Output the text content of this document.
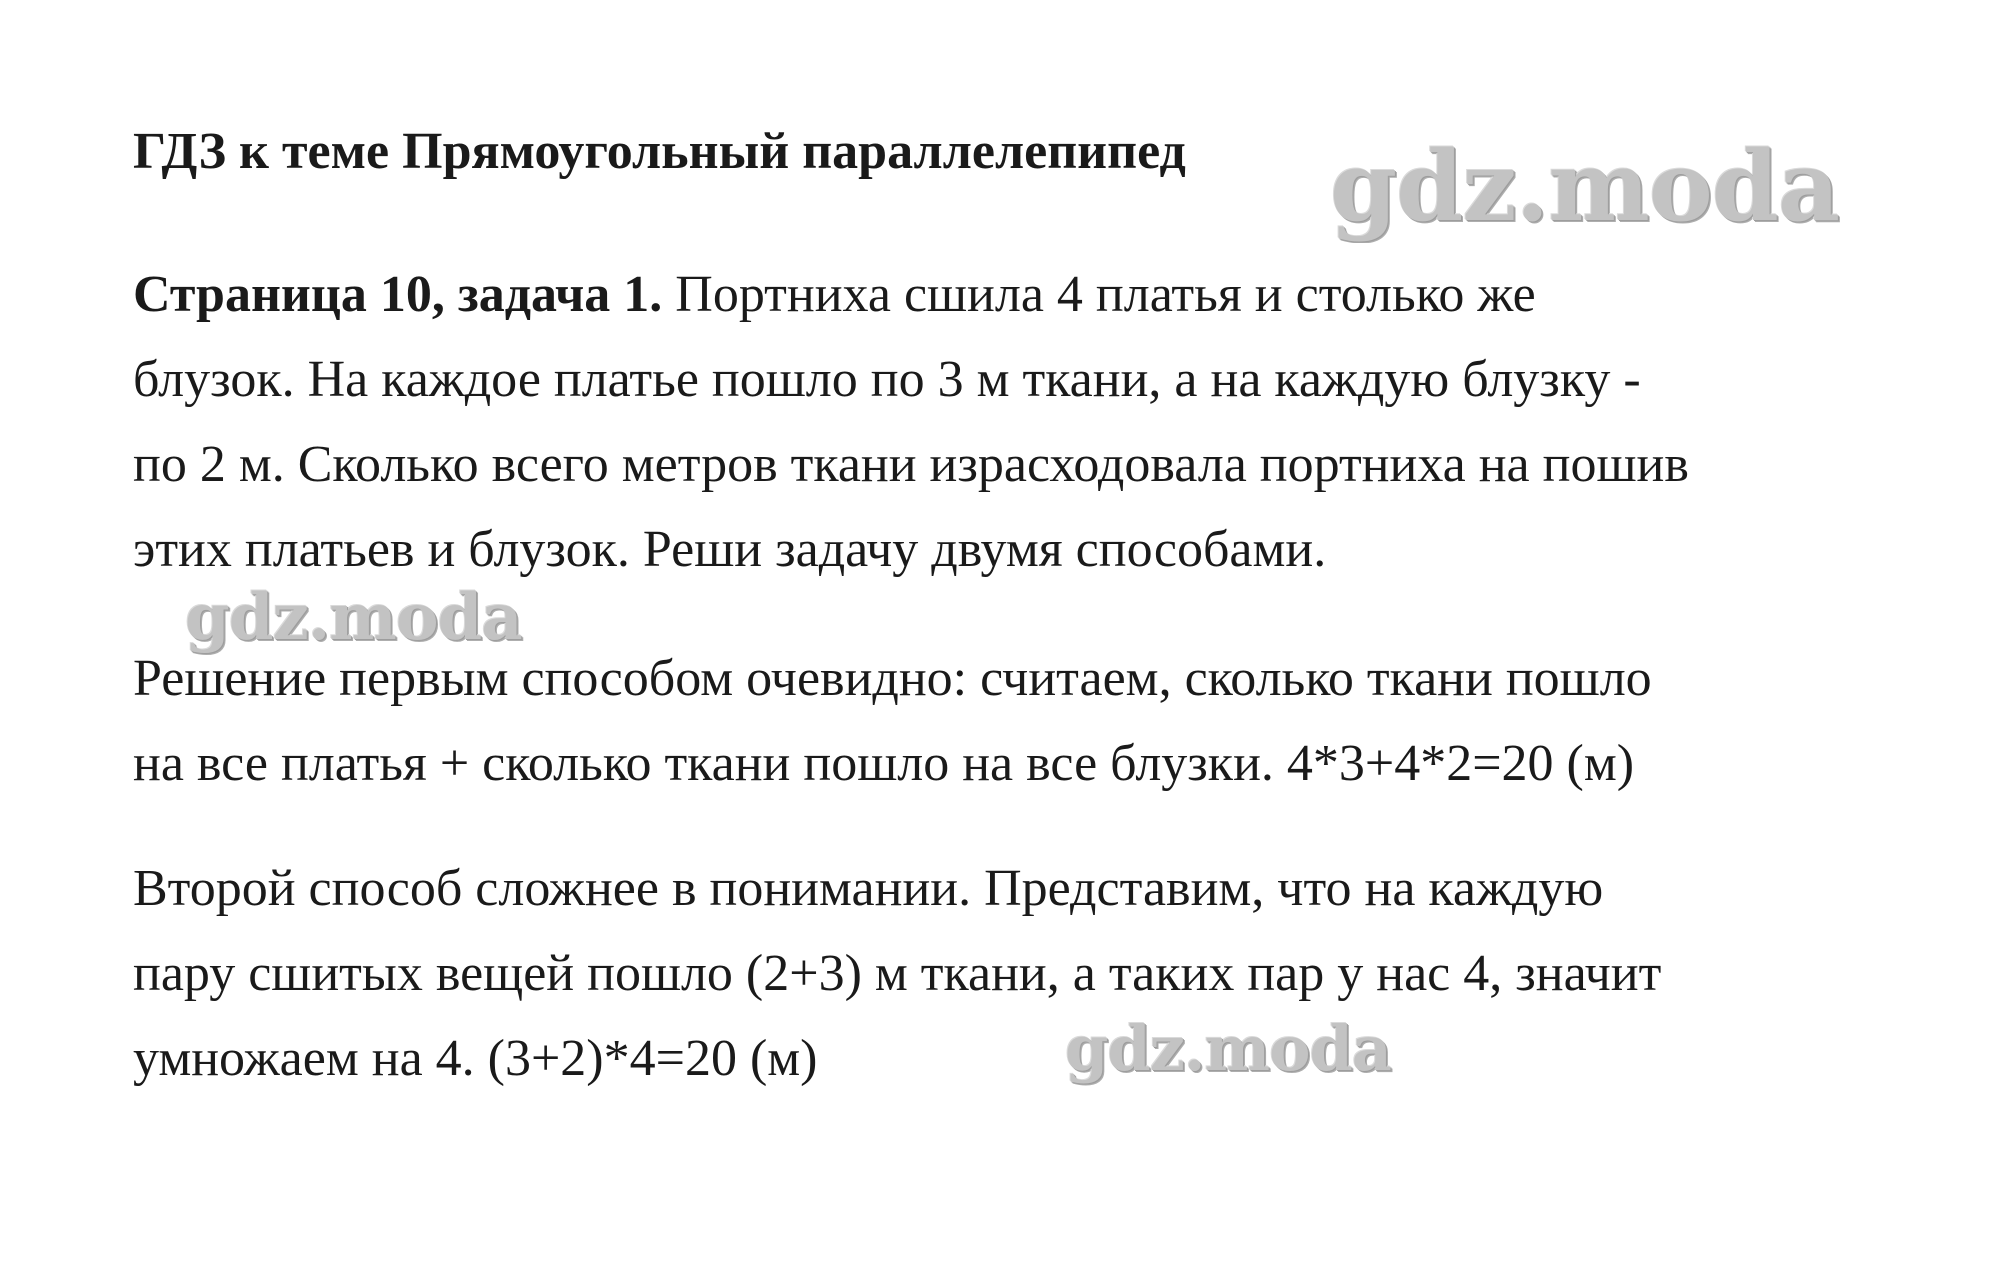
ГДЗ к теме Прямоугольный параллелепипед gdz.moda

Страница 10, задача 1. Портниха сшила 4 платья и столько же
блузок. На каждое платье пошло по 3 м ткани, а на каждую блузку -
по 2 м. Сколько всего метров ткани израсходовала портниха на пошив
этих платьев и блузок. Реши задачу двумя способами.

gdz.moda

Решение первым способом очевидно: считаем, сколько ткани пошло
на все платья + сколько ткани пошло на все блузки. 4*3+4*2=20 (м)

Второй способ сложнее в понимании. Представим, что на каждую
пару сшитых вещей пошло (2+3) м ткани, а таких пар у нас 4, значит
умножаем на 4. (3+2)*4=20 (м)	gdz.moda
